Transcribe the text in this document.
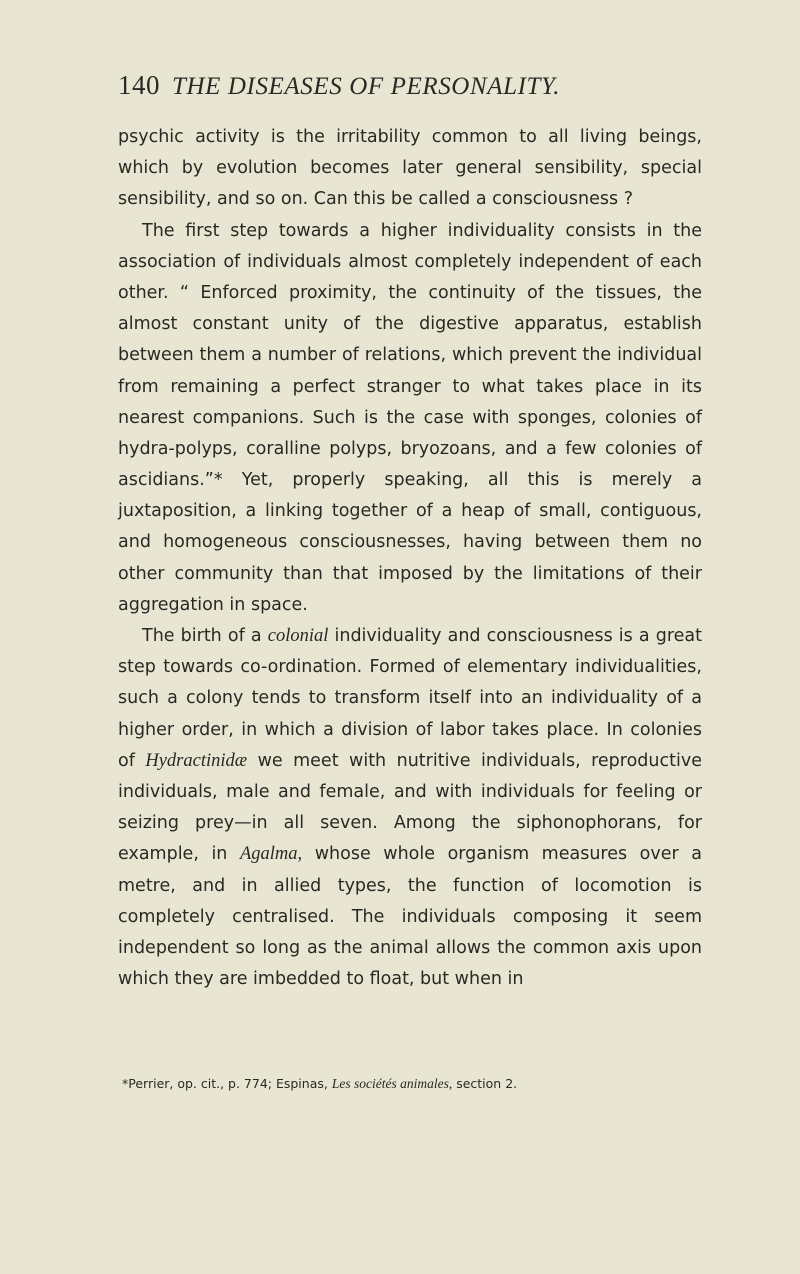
140 THE DISEASES OF PERSONALITY.

psychic activity is the irritability common to all living beings, which by evolution becomes later general sensibility, special sensibility, and so on. Can this be called a consciousness ?

The first step towards a higher individuality consists in the association of individuals almost completely independent of each other. “ Enforced proximity, the continuity of the tissues, the almost constant unity of the digestive apparatus, establish between them a number of relations, which prevent the individual from remaining a perfect stranger to what takes place in its nearest companions. Such is the case with sponges, colonies of hydra-polyps, coralline polyps, bryozoans, and a few colonies of ascidians.”* Yet, properly speaking, all this is merely a juxtaposition, a linking together of a heap of small, contiguous, and homogeneous consciousnesses, having between them no other community than that imposed by the limitations of their aggregation in space.

The birth of a colonial individuality and consciousness is a great step towards co-ordination. Formed of elementary individualities, such a colony tends to transform itself into an individuality of a higher order, in which a division of labor takes place. In colonies of Hydractinidæ we meet with nutritive individuals, reproductive individuals, male and female, and with individuals for feeling or seizing prey—in all seven. Among the siphonophorans, for example, in Agalma, whose whole organism measures over a metre, and in allied types, the function of locomotion is completely centralised. The individuals composing it seem independent so long as the animal allows the common axis upon which they are imbedded to float, but when in

*Perrier, op. cit., p. 774; Espinas, Les sociétés animales, section 2.
